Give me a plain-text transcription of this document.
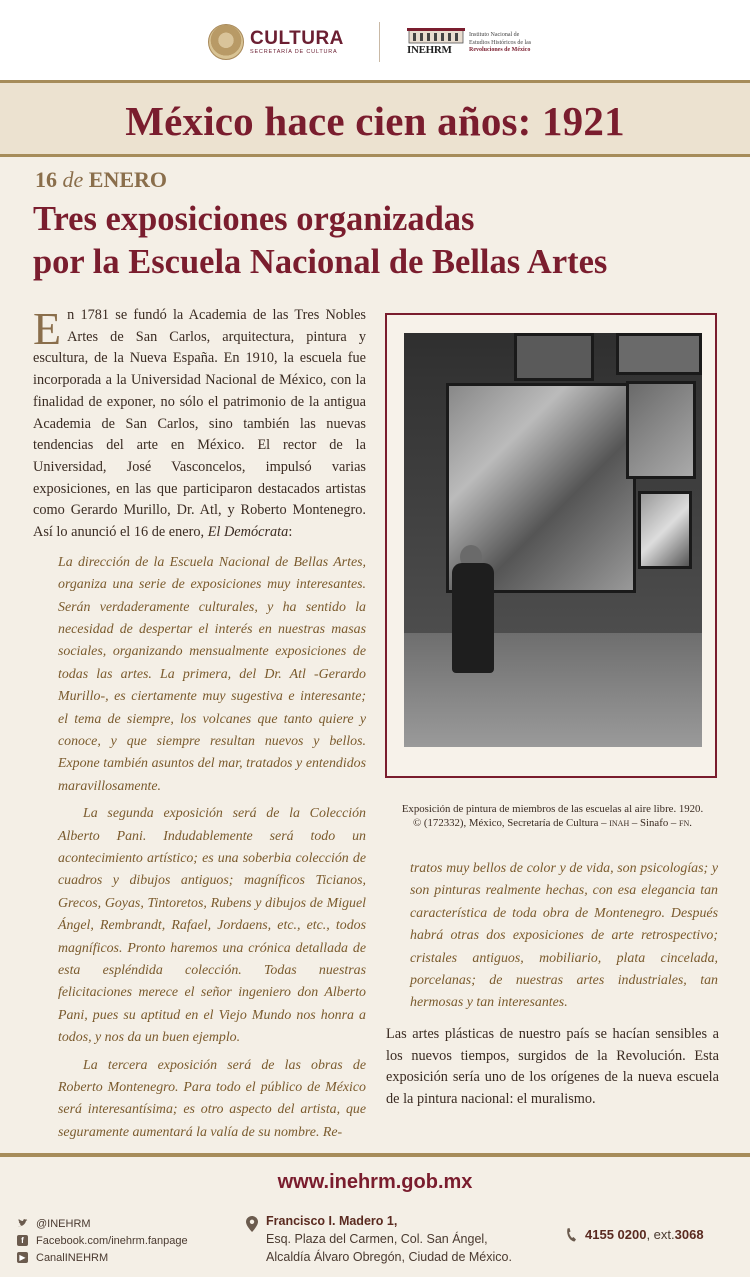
CULTURA
SECRETARÍA DE CULTURA	INEHRM
Instituto Nacional de
Estudios Históricos de las
Revoluciones de México
México hace cien años: 1921
16 de ENERO
Tres exposiciones organizadas
por la Escuela Nacional de Bellas Artes

En 1781 se fundó la Academia de las Tres Nobles Artes de San Carlos, arquitectura, pintura y escultura, de la Nueva España. En 1910, la escuela fue incorporada a la Universidad Nacional de México, con la finalidad de exponer, no sólo el patrimonio de la antigua Academia de San Carlos, sino también las nuevas tendencias del arte en México. El rector de la Universidad, José Vasconcelos, impulsó varias exposiciones, en las que participaron destacados artistas como Gerardo Murillo, Dr. Atl, y Roberto Montenegro. Así lo anunció el 16 de enero, El Demócrata:

La dirección de la Escuela Nacional de Bellas Artes, organiza una serie de exposiciones muy interesantes. Serán verdaderamente culturales, y ha sentido la necesidad de despertar el interés en nuestras masas sociales, organizando mensualmente exposiciones de todas las artes. La primera, del Dr. Atl -Gerardo Murillo-, es ciertamente muy sugestiva e interesante; el tema de siempre, los volcanes que tanto quiere y conoce, y que siempre resultan nuevos y bellos. Expone también asuntos del mar, tratados y entendidos maravillosamente.

La segunda exposición será de la Colección Alberto Pani. Indudablemente será todo un acontecimiento artístico; es una soberbia colección de cuadros y dibujos antiguos; magníficos Ticianos, Grecos, Goyas, Tintoretos, Rubens y dibujos de Miguel Ángel, Rembrandt, Rafael, Jordaens, etc., etc., todos magníficos. Pronto haremos una crónica detallada de esta espléndida colección. Todas nuestras felicitaciones merece el señor ingeniero don Alberto Pani, pues su aptitud en el Viejo Mundo nos honra a todos, y nos da un buen ejemplo.

La tercera exposición será de las obras de Roberto Montenegro. Para todo el público de México será interesantísima; es otro aspecto del artista, que seguramente aumentará la valía de su nombre. Re-

Exposición de pintura de miembros de las escuelas al aire libre. 1920.
© (172332), México, Secretaría de Cultura – inah – Sinafo – fn.

tratos muy bellos de color y de vida, son psicologías; y son pinturas realmente hechas, con esa elegancia tan característica de toda obra de Montenegro. Después habrá otras dos exposiciones de arte retrospectivo; cristales antiguos, mobiliario, plata cincelada, porcelanas; de nuestras artes industriales, tan hermosas y tan interesantes.

Las artes plásticas de nuestro país se hacían sensibles a los nuevos tiempos, surgidos de la Revolución. Esta exposición sería uno de los orígenes de la nueva escuela de la pintura nacional: el muralismo.

www.inehrm.gob.mx
@INEHRM
f	Facebook.com/inehrm.fanpage
▶ Canal INEHRM
Francisco I. Madero 1,
Esq. Plaza del Carmen, Col. San Ángel,
Alcaldía Álvaro Obregón, Ciudad de México.
4155 0200 , ext. 3068
